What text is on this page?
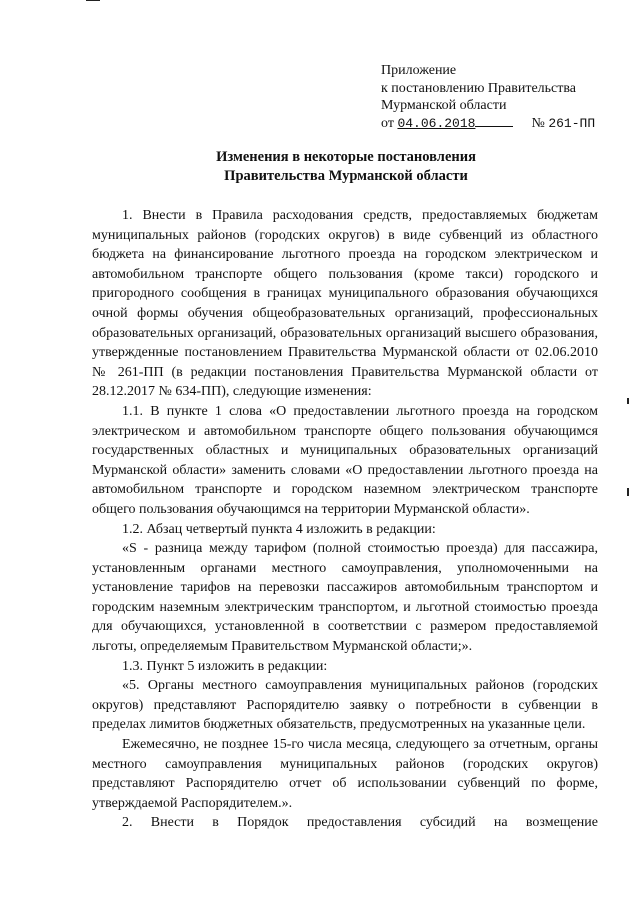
Приложение
к постановлению Правительства
Мурманской области
от 04.06.2018	№ 261-ПП
Изменения в некоторые постановления
Правительства Мурманской области

1. Внести в Правила расходования средств, предоставляемых бюджетам муниципальных районов (городских округов) в виде субвенций из областного бюджета на финансирование льготного проезда на городском электрическом и автомобильном транспорте общего пользования (кроме такси) городского и пригородного сообщения в границах муниципального образования обучающихся очной формы обучения общеобразовательных организаций, профессиональных образовательных организаций, образовательных организаций высшего образования, утвержденные постановлением Правительства Мурманской области от 02.06.2010 № 261-ПП (в редакции постановления Правительства Мурманской области от 28.12.2017 № 634-ПП), следующие изменения:

1.1. В пункте 1 слова «О предоставлении льготного проезда на городском электрическом и автомобильном транспорте общего пользования обучающимся государственных областных и муниципальных образовательных организаций Мурманской области» заменить словами «О предоставлении льготного проезда на автомобильном транспорте и городском наземном электрическом транспорте общего пользования обучающимся на территории Мурманской области».

1.2. Абзац четвертый пункта 4 изложить в редакции:

«S - разница между тарифом (полной стоимостью проезда) для пассажира, установленным органами местного самоуправления, уполномоченными на установление тарифов на перевозки пассажиров автомобильным транспортом и городским наземным электрическим транспортом, и льготной стоимостью проезда для обучающихся, установленной в соответствии с размером предоставляемой льготы, определяемым Правительством Мурманской области;».

1.3. Пункт 5 изложить в редакции:

«5. Органы местного самоуправления муниципальных районов (городских округов) представляют Распорядителю заявку о потребности в субвенции в пределах лимитов бюджетных обязательств, предусмотренных на указанные цели.

Ежемесячно, не позднее 15-го числа месяца, следующего за отчетным, органы местного самоуправления муниципальных районов (городских округов) представляют Распорядителю отчет об использовании субвенций по форме, утверждаемой Распорядителем.».

2. Внести в Порядок предоставления субсидий на возмещение
